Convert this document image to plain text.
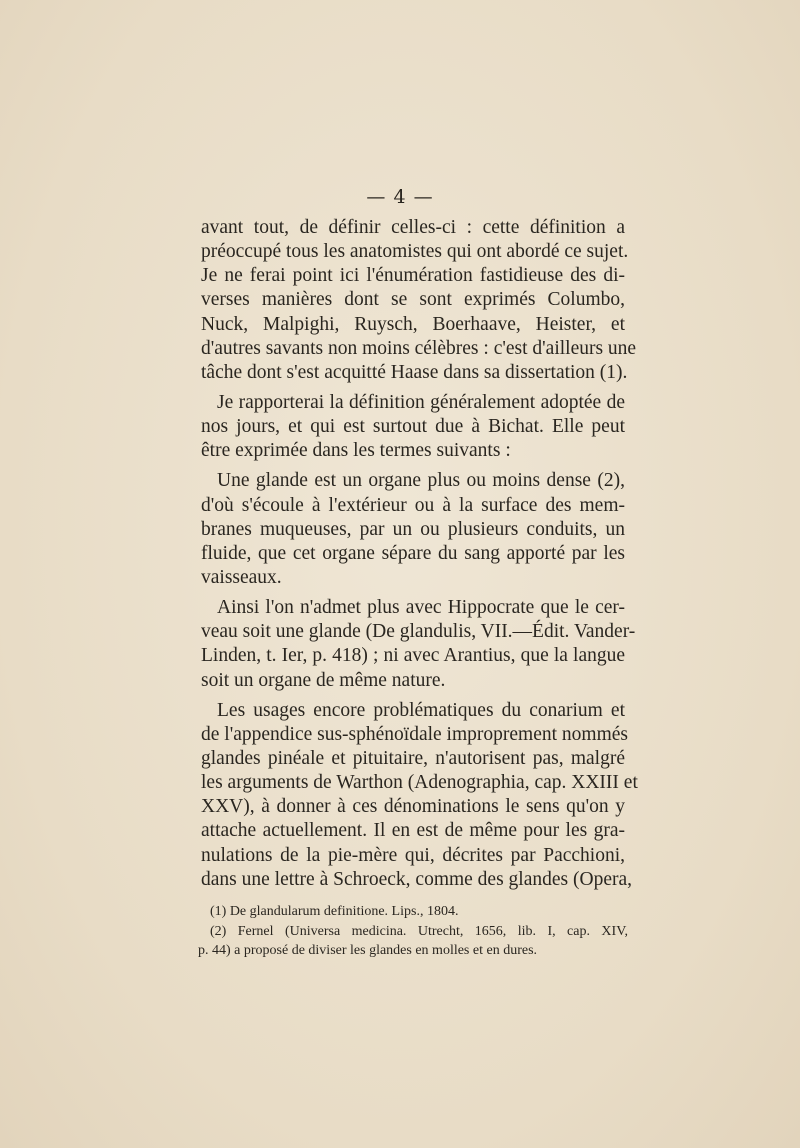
— 4 —
avant tout, de définir celles-ci : cette définition a
préoccupé tous les anatomistes qui ont abordé ce sujet.
Je ne ferai point ici l'énumération fastidieuse des di-
verses manières dont se sont exprimés Columbo,
Nuck, Malpighi, Ruysch, Boerhaave, Heister, et
d'autres savants non moins célèbres : c'est d'ailleurs une
tâche dont s'est acquitté Haase dans sa dissertation (1).
Je rapporterai la définition généralement adoptée de
nos jours, et qui est surtout due à Bichat. Elle peut
être exprimée dans les termes suivants :
Une glande est un organe plus ou moins dense (2),
d'où s'écoule à l'extérieur ou à la surface des mem-
branes muqueuses, par un ou plusieurs conduits, un
fluide, que cet organe sépare du sang apporté par les
vaisseaux.
Ainsi l'on n'admet plus avec Hippocrate que le cer-
veau soit une glande (De glandulis, VII.—Édit. Vander-
Linden, t. Ier, p. 418) ; ni avec Arantius, que la langue
soit un organe de même nature.
Les usages encore problématiques du conarium et
de l'appendice sus-sphénoïdale improprement nommés
glandes pinéale et pituitaire, n'autorisent pas, malgré
les arguments de Warthon (Adenographia, cap. XXIII et
XXV), à donner à ces dénominations le sens qu'on y
attache actuellement. Il en est de même pour les gra-
nulations de la pie-mère qui, décrites par Pacchioni,
dans une lettre à Schroeck, comme des glandes (Opera,
(1) De glandularum definitione. Lips., 1804.
(2) Fernel (Universa medicina. Utrecht, 1656, lib. I, cap. XIV,
p. 44) a proposé de diviser les glandes en molles et en dures.
